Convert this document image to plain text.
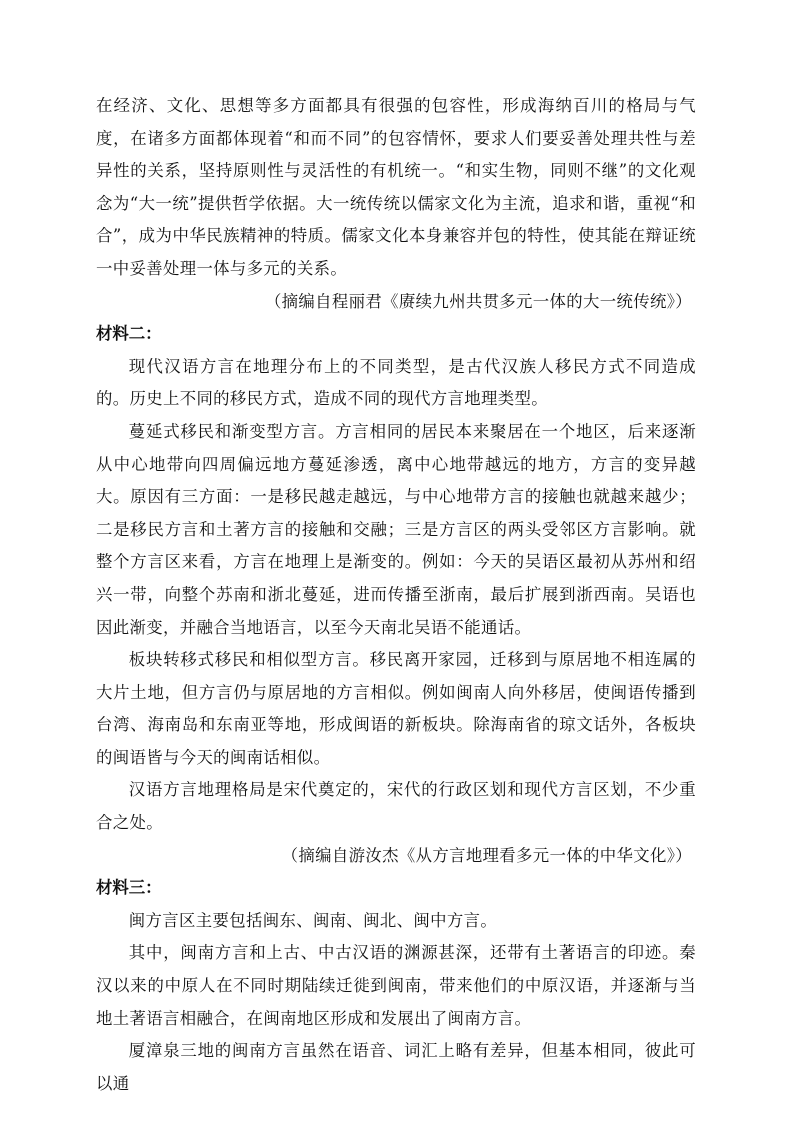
在经济、文化、思想等多方面都具有很强的包容性，形成海纳百川的格局与气度，在诸多方面都体现着“和而不同”的包容情怀，要求人们要妥善处理共性与差异性的关系，坚持原则性与灵活性的有机统一。“和实生物，同则不继”的文化观念为“大一统”提供哲学依据。大一统传统以儒家文化为主流，追求和谐，重视“和合”，成为中华民族精神的特质。儒家文化本身兼容并包的特性，使其能在辩证统一中妥善处理一体与多元的关系。

（摘编自程丽君《赓续九州共贯多元一体的大一统传统》）

材料二：

现代汉语方言在地理分布上的不同类型，是古代汉族人移民方式不同造成的。历史上不同的移民方式，造成不同的现代方言地理类型。

蔓延式移民和渐变型方言。方言相同的居民本来聚居在一个地区，后来逐渐从中心地带向四周偏远地方蔓延渗透，离中心地带越远的地方，方言的变异越大。原因有三方面：一是移民越走越远，与中心地带方言的接触也就越来越少；二是移民方言和土著方言的接触和交融；三是方言区的两头受邻区方言影响。就整个方言区来看，方言在地理上是渐变的。例如：今天的吴语区最初从苏州和绍兴一带，向整个苏南和浙北蔓延，进而传播至浙南，最后扩展到浙西南。吴语也因此渐变，并融合当地语言，以至今天南北吴语不能通话。

板块转移式移民和相似型方言。移民离开家园，迁移到与原居地不相连属的大片土地，但方言仍与原居地的方言相似。例如闽南人向外移居，使闽语传播到台湾、海南岛和东南亚等地，形成闽语的新板块。除海南省的琼文话外，各板块的闽语皆与今天的闽南话相似。

汉语方言地理格局是宋代奠定的，宋代的行政区划和现代方言区划，不少重合之处。

（摘编自游汝杰《从方言地理看多元一体的中华文化》）

材料三：

闽方言区主要包括闽东、闽南、闽北、闽中方言。

其中，闽南方言和上古、中古汉语的渊源甚深，还带有土著语言的印迹。秦汉以来的中原人在不同时期陆续迁徙到闽南，带来他们的中原汉语，并逐渐与当地土著语言相融合，在闽南地区形成和发展出了闽南方言。

厦漳泉三地的闽南方言虽然在语音、词汇上略有差异，但基本相同，彼此可以通
